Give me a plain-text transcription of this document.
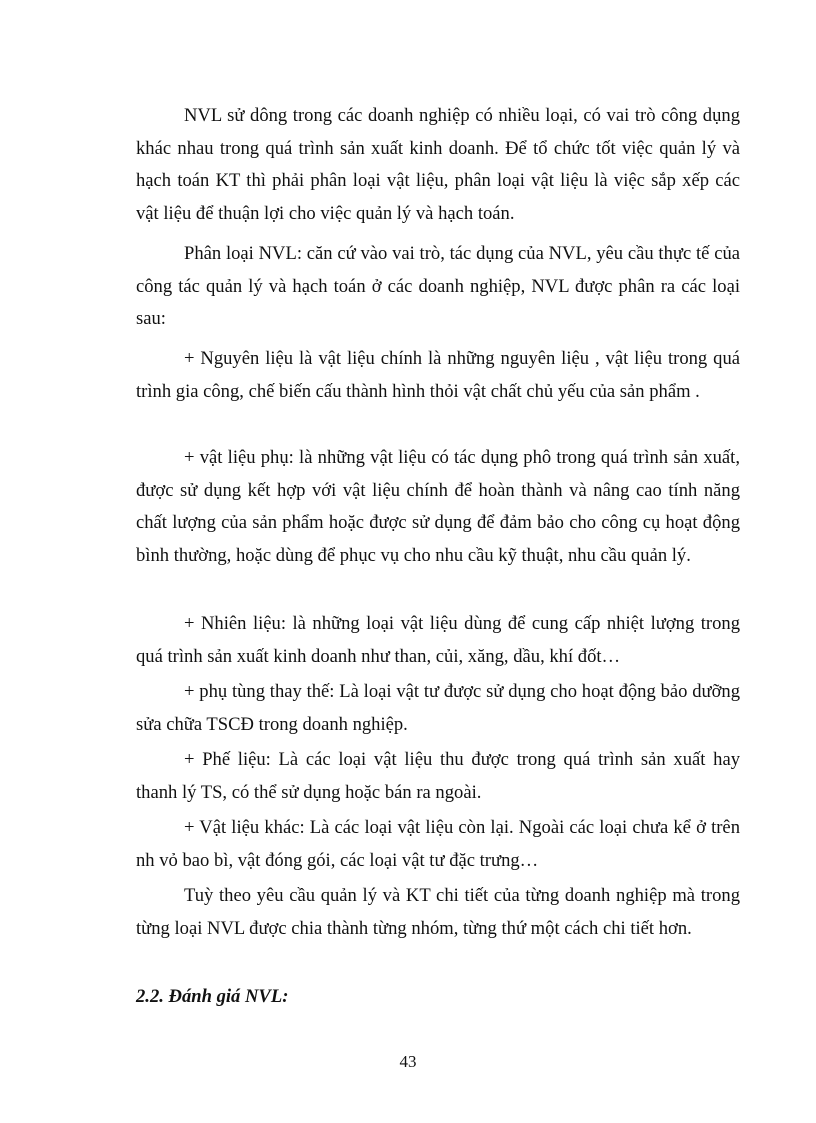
NVL sử dông trong các doanh nghiệp có nhiều loại, có vai trò công dụng khác nhau trong quá trình sản xuất kinh doanh. Để tổ chức tốt việc quản lý và hạch toán KT thì phải phân loại vật liệu, phân loại vật liệu là việc sắp xếp các vật liệu để thuận lợi cho việc quản lý và hạch toán.

Phân loại NVL: căn cứ vào vai trò, tác dụng của NVL, yêu cầu thực tế của công tác quản lý và hạch toán ở các doanh nghiệp, NVL được phân ra các loại sau:

+ Nguyên liệu là vật liệu chính là những nguyên liệu , vật liệu trong quá trình gia công, chế biến cấu thành hình thỏi vật chất chủ yếu của sản phẩm .

+ vật liệu phụ: là những vật liệu có tác dụng phô trong quá trình sản xuất, được sử dụng kết hợp với vật liệu chính để hoàn thành và nâng cao tính năng chất lượng của sản phẩm hoặc được sử dụng để đảm bảo cho công cụ hoạt động bình thường, hoặc dùng để phục vụ cho nhu cầu kỹ thuật, nhu cầu quản lý.

+ Nhiên liệu: là những loại vật liệu dùng để cung cấp nhiệt lượng trong quá trình sản xuất kinh doanh như than, củi, xăng, dầu, khí đốt…

+ phụ tùng thay thế: Là loại vật tư được sử dụng cho hoạt động bảo dưỡng sửa chữa TSCĐ trong doanh nghiệp.

+ Phế liệu: Là các loại vật liệu thu được trong quá trình sản xuất hay thanh lý TS, có thể sử dụng hoặc bán ra ngoài.

+ Vật liệu khác: Là các loại vật liệu còn lại. Ngoài các loại chưa kể ở trên nh vỏ bao bì, vật đóng gói, các loại vật tư đặc trưng…

Tuỳ theo yêu cầu quản lý và KT chi tiết của từng doanh nghiệp mà trong từng loại NVL được chia thành từng nhóm, từng thứ một cách chi tiết hơn.

2.2. Đánh giá NVL:
43
